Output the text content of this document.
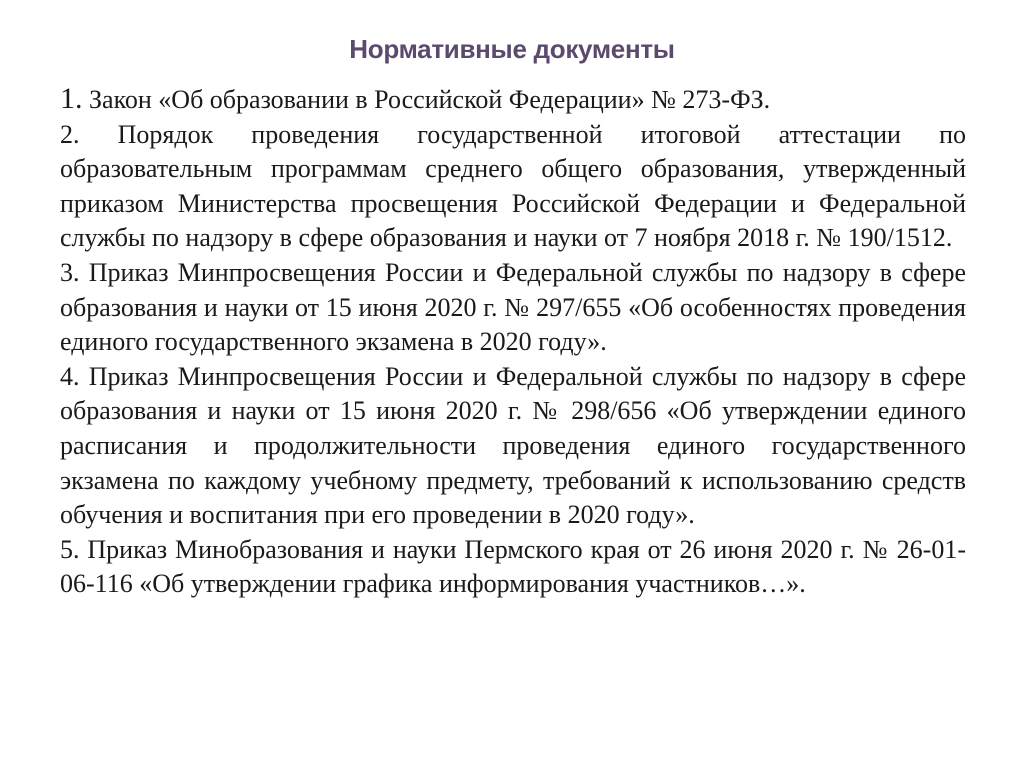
Нормативные документы

1. Закон «Об образовании в Российской Федерации» № 273-ФЗ.

2. Порядок проведения государственной итоговой аттестации по образовательным программам среднего общего образования, утвержденный приказом Министерства просвещения Российской Федерации и Федеральной службы по надзору в сфере образования и науки от 7 ноября 2018 г. № 190/1512.

3. Приказ Минпросвещения России и Федеральной службы по надзору в сфере образования и науки от 15 июня 2020 г. № 297/655 «Об особенностях проведения единого государственного экзамена в 2020 году».

4. Приказ Минпросвещения России и Федеральной службы по надзору в сфере образования и науки от 15 июня 2020 г. № 298/656 «Об утверждении единого расписания и продолжительности проведения единого государственного экзамена по каждому учебному предмету, требований к использованию средств обучения и воспитания при его проведении в 2020 году».

5. Приказ Минобразования и науки Пермского края от 26 июня 2020 г. № 26-01-06-116 «Об утверждении графика информирования участников…».
